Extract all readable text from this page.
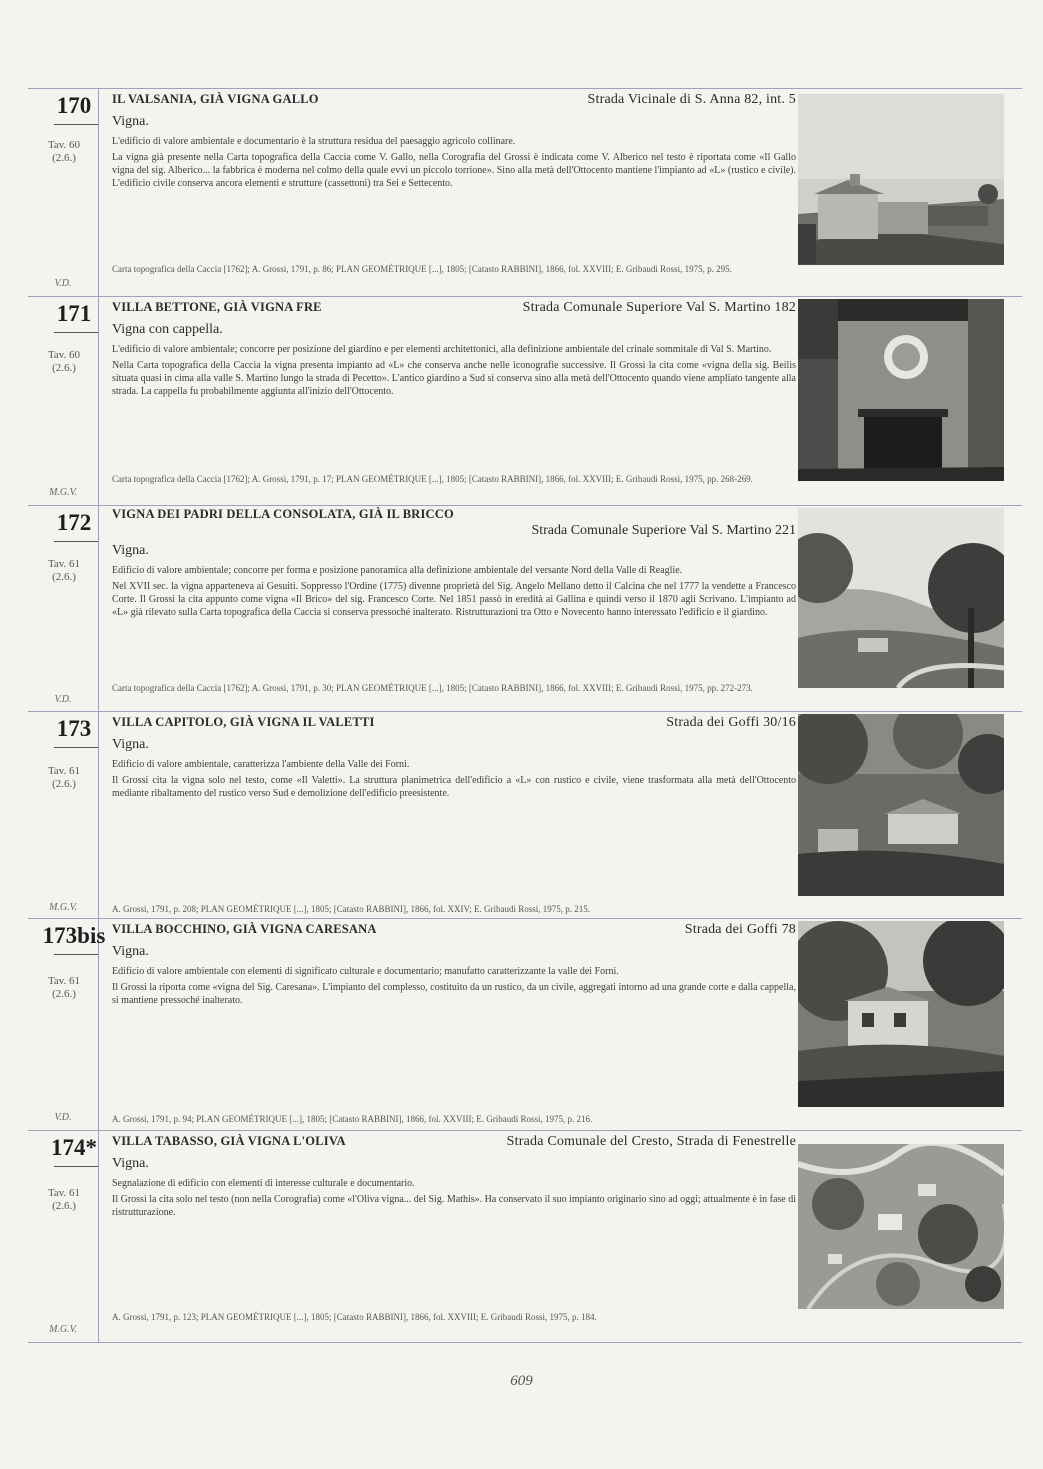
170
Tav. 60
(2.6.)
V.D.
IL VALSANIA, GIÀ VIGNA GALLO	Strada Vicinale di S. Anna 82, int. 5
Vigna.
L'edificio di valore ambientale e documentario è la struttura residua del paesaggio agricolo collinare.
La vigna già presente nella Carta topografica della Caccia come V. Gallo, nella Corografia del Grossi è indicata come V. Alberico nel testo è riportata come «Il Gallo vigna del sig. Alberico... la fabbrica è moderna nel colmo della quale evvi un piccolo torrione». Sino alla metà dell'Ottocento mantiene l'impianto ad «L» (rustico e civile). L'edificio civile conserva ancora elementi e strutture (cassettoni) tra Sei e Settecento.
Carta topografica della Caccia [1762]; A. Grossi, 1791, p. 86; PLAN GEOMÉTRIQUE [...], 1805; [Catasto RABBINI], 1866, fol. XXVIII; E. Gribaudi Rossi, 1975, p. 295.
171
Tav. 60
(2.6.)
M.G.V.
VILLA BETTONE, GIÀ VIGNA FRE	Strada Comunale Superiore Val S. Martino 182
Vigna con cappella.
L'edificio di valore ambientale; concorre per posizione del giardino e per elementi architettonici, alla definizione ambientale del crinale sommitale di Val S. Martino.
Nella Carta topografica della Caccia la vigna presenta impianto ad «L» che conserva anche nelle iconografie successive. Il Grossi la cita come «vigna della sig. Beilis situata quasi in cima alla valle S. Martino lungo la strada di Pecetto». L'antico giardino a Sud si conserva sino alla metà dell'Ottocento quando viene ampliato tangente alla strada. La cappella fu probabilmente aggiunta all'inizio dell'Ottocento.
Carta topografica della Caccia [1762]; A. Grossi, 1791, p. 17; PLAN GEOMÉTRIQUE [...], 1805; [Catasto RABBINI], 1866, fol. XXVIII; E. Gribaudi Rossi, 1975, pp. 268-269.
172
Tav. 61
(2.6.)
V.D.
VIGNA DEI PADRI DELLA CONSOLATA, GIÀ IL BRICCO
Strada Comunale Superiore Val S. Martino 221
Vigna.
Edificio di valore ambientale; concorre per forma e posizione panoramica alla definizione ambientale del versante Nord della Valle di Reaglie.
Nel XVII sec. la vigna apparteneva ai Gesuiti. Soppresso l'Ordine (1775) divenne proprietà del Sig. Angelo Mellano detto il Calcina che nel 1777 la vendette a Francesco Corte. Il Grossi la cita appunto come vigna «Il Brico» del sig. Francesco Corte. Nel 1851 passò in eredità ai Gallina e quindi verso il 1870 agli Scrivano. L'impianto ad «L» già rilevato sulla Carta topografica della Caccia si conserva pressoché inalterato. Ristrutturazioni tra Otto e Novecento hanno interessato l'edificio e il giardino.
Carta topografica della Caccia [1762]; A. Grossi, 1791, p. 30; PLAN GEOMÉTRIQUE [...], 1805; [Catasto RABBINI], 1866, fol. XXVIII; E. Gribaudi Rossi, 1975, pp. 272-273.
173
Tav. 61
(2.6.)
M.G.V.
VILLA CAPITOLO, GIÀ VIGNA IL VALETTI	Strada dei Goffi 30/16
Vigna.
Edificio di valore ambientale, caratterizza l'ambiente della Valle dei Forni.
Il Grossi cita la vigna solo nel testo, come «Il Valetti». La struttura planimetrica dell'edificio a «L» con rustico e civile, viene trasformata alla metà dell'Ottocento mediante ribaltamento del rustico verso Sud e demolizione dell'edificio preesistente.
A. Grossi, 1791, p. 208; PLAN GEOMÉTRIQUE [...], 1805; [Catasto RABBINI], 1866, fol. XXIV; E. Gribaudi Rossi, 1975, p. 215.
173bis
Tav. 61
(2.6.)
V.D.
VILLA BOCCHINO, GIÀ VIGNA CARESANA	Strada dei Goffi 78
Vigna.
Edificio di valore ambientale con elementi di significato culturale e documentario; manufatto caratterizzante la valle dei Forni.
Il Grossi la riporta come «vigna del Sig. Caresana». L'impianto del complesso, costituito da un rustico, da un civile, aggregati intorno ad una grande corte e dalla cappella, si mantiene pressoché inalterato.
A. Grossi, 1791, p. 94; PLAN GEOMÉTRIQUE [...], 1805; [Catasto RABBINI], 1866, fol. XXVIII; E. Gribaudi Rossi, 1975, p. 216.
174*
Tav. 61
(2.6.)
M.G.V.
VILLA TABASSO, GIÀ VIGNA L'OLIVA	Strada Comunale del Cresto, Strada di Fenestrelle
Vigna.
Segnalazione di edificio con elementi di interesse culturale e documentario.
Il Grossi la cita solo nel testo (non nella Corografia) come «l'Oliva vigna... del Sig. Mathis». Ha conservato il suo impianto originario sino ad oggi; attualmente è in fase di ristrutturazione.
A. Grossi, 1791, p. 123; PLAN GEOMÉTRIQUE [...], 1805; [Catasto RABBINI], 1866, fol. XXVIII; E. Gribaudi Rossi, 1975, p. 184.
609
